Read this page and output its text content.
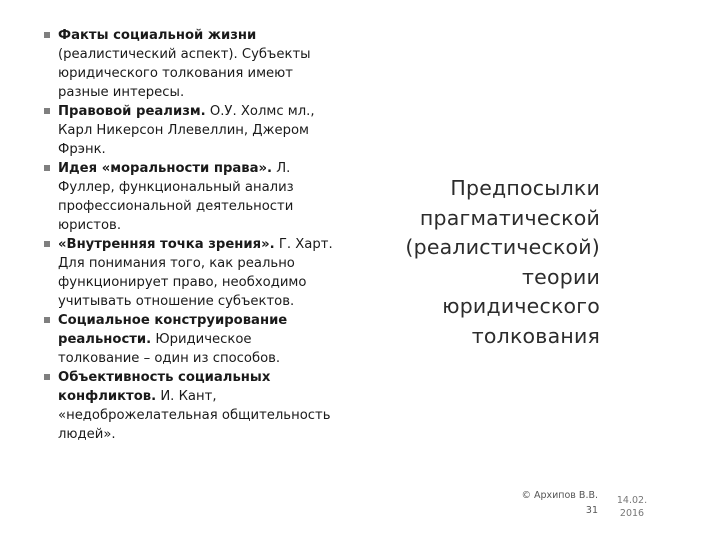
Факты социальной жизни (реалистический аспект). Субъекты юридического толкования имеют разные интересы.
Правовой реализм. О.У. Холмс мл., Карл Никерсон Ллевеллин, Джером Фрэнк.
Идея «моральности права». Л. Фуллер, функциональный анализ профессиональной деятельности юристов.
«Внутренняя точка зрения». Г. Харт. Для понимания того, как реально функционирует право, необходимо учитывать отношение субъектов.
Социальное конструирование реальности. Юридическое толкование – один из способов.
Объективность социальных конфликтов. И. Кант, «недоброжелательная общительность людей».
Предпосылки
прагматической
(реалистической)
теории
юридического
толкования
© Архипов В.В.
31
14.02.
2016
